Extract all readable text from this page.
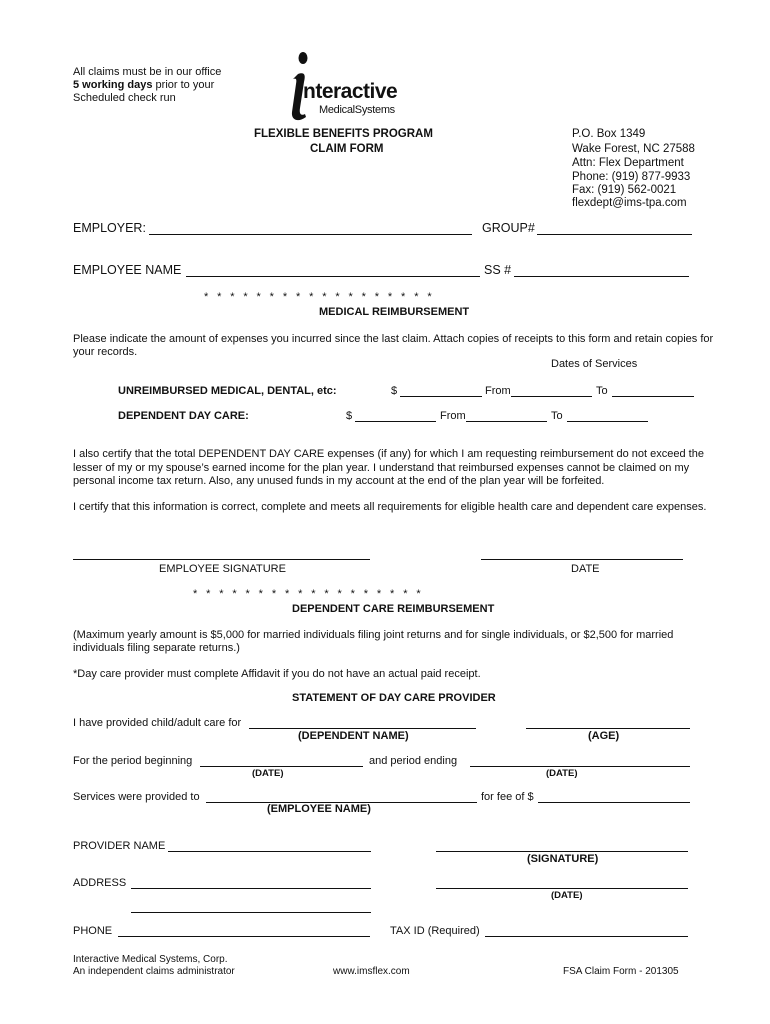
All claims must be in our office
5 working days prior to your
Scheduled check run	nteractive
MedicalSystems
FLEXIBLE BENEFITS PROGRAM
CLAIM FORM
P.O. Box 1349
Wake Forest, NC 27588
Attn: Flex Department
Phone: (919) 877-9933
Fax: (919) 562-0021
flexdept@ims-tpa.com
EMPLOYER:	GROUP#
EMPLOYEE NAME	SS #
* * * * * * * * * * * * * * * * * *
MEDICAL REIMBURSEMENT
Please indicate the amount of expenses you incurred since the last claim. Attach copies of receipts to this form and retain copies for your records.
Dates of Services
UNREIMBURSED MEDICAL, DENTAL, etc:	$	From	To
DEPENDENT DAY CARE:	$	From	To
I also certify that the total DEPENDENT DAY CARE expenses (if any) for which I am requesting reimbursement do not exceed the lesser of my or my spouse’s earned income for the plan year. I understand that reimbursed expenses cannot be claimed on my personal income tax return. Also, any unused funds in my account at the end of the plan year will be forfeited.
I certify that this information is correct, complete and meets all requirements for eligible health care and dependent care expenses.
EMPLOYEE SIGNATURE	DATE
* * * * * * * * * * * * * * * * * *
DEPENDENT CARE REIMBURSEMENT
(Maximum yearly amount is $5,000 for married individuals filing joint returns and for single individuals, or $2,500 for married individuals filing separate returns.)
*Day care provider must complete Affidavit if you do not have an actual paid receipt.
STATEMENT OF DAY CARE PROVIDER
I have provided child/adult care for
(DEPENDENT NAME)	(AGE)
For the period beginning	and period ending
(DATE)	(DATE)
Services were provided to	for fee of $
(EMPLOYEE NAME)
PROVIDER NAME
(SIGNATURE)
ADDRESS
(DATE)
PHONE	TAX ID (Required)
Interactive Medical Systems, Corp.
An independent claims administrator	www.imsflex.com	FSA Claim Form - 201305
